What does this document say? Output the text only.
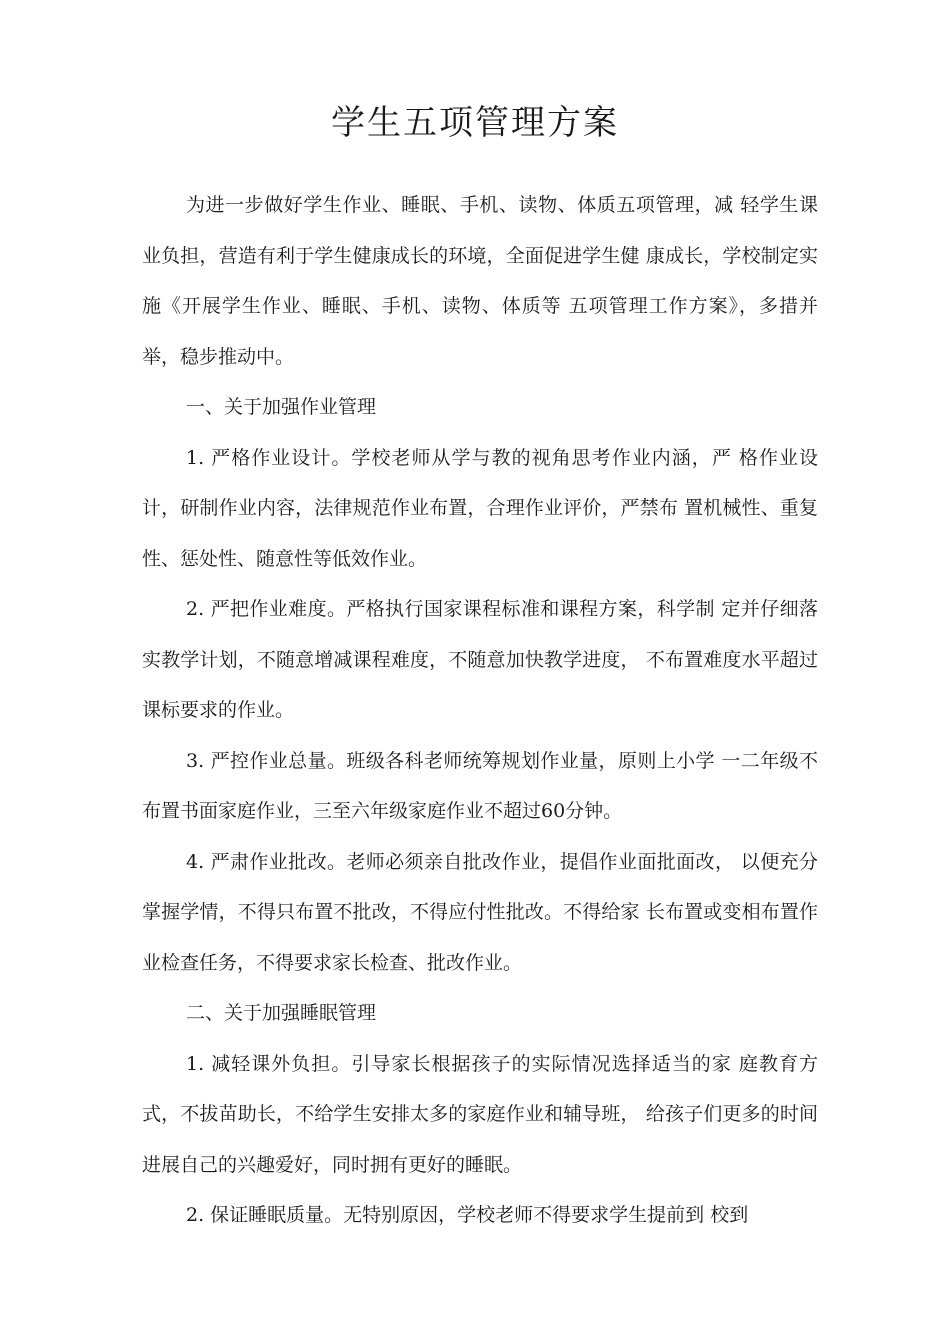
学生五项管理方案

为进一步做好学生作业、睡眠、手机、读物、体质五项管理，减 轻学生课业负担，营造有利于学生健康成长的环境，全面促进学生健 康成长，学校制定实施《开展学生作业、睡眠、手机、读物、体质等 五项管理工作方案》，多措并举，稳步推动中。

一、关于加强作业管理

1. 严格作业设计。学校老师从学与教的视角思考作业内涵，严 格作业设计，研制作业内容，法律规范作业布置，合理作业评价，严禁布 置机械性、重复性、惩处性、随意性等低效作业。

2. 严把作业难度。严格执行国家课程标准和课程方案，科学制 定并仔细落实教学计划，不随意增减课程难度，不随意加快教学进度， 不布置难度水平超过课标要求的作业。

3. 严控作业总量。班级各科老师统筹规划作业量，原则上小学 一二年级不布置书面家庭作业，三至六年级家庭作业不超过60分钟。

4. 严肃作业批改。老师必须亲自批改作业，提倡作业面批面改， 以便充分掌握学情，不得只布置不批改，不得应付性批改。不得给家 长布置或变相布置作业检查任务，不得要求家长检查、批改作业。

二、关于加强睡眠管理

1. 减轻课外负担。引导家长根据孩子的实际情况选择适当的家 庭教育方式，不拔苗助长，不给学生安排太多的家庭作业和辅导班， 给孩子们更多的时间进展自己的兴趣爱好，同时拥有更好的睡眠。

2. 保证睡眠质量。无特别原因，学校老师不得要求学生提前到 校到
